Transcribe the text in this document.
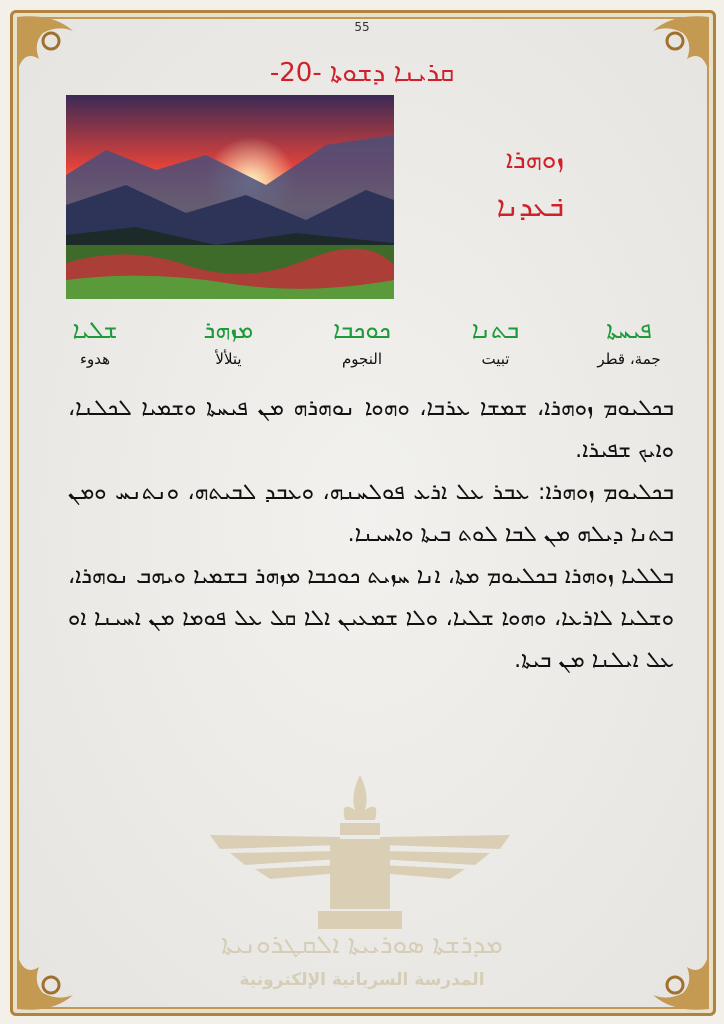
55
ܩܪܝܢܐ ܕܫܘܬܐ -20-
ܙܘܗܪܐ
ܒ݁ܥܕܢܐ
ܦܝܚܬܐ
جمة، قطر
ܒܬܢܐ
تبيت
ܟܘܟܒܐ
النجوم
ܡܙܗܪ
يتلألأ
ܫܠܝܐ
هدوء

ܒܟܠܝܘܡ ܙܘܗܪܐ، ܫܡܫܐ ܥܪܒܐ، ܘܗܘܐ ܢܘܗܪܗ ܡܢ ܦܝܚܬܐ ܘܫܡܝܐ ܠܟܠܢܐ، ܘܐܝܟ ܫܦܝܪܐ.

ܒܟܠܝܘܡ ܙܘܗܪܐ: ܥܒܪ ܥܠ ܐܪܥ ܦܘܠܚܢܗ، ܘܥܒܕ ܠܒܝܬܗ، ܘܢܬܢܚ ܘܡܢ ܒܬܢܐ ܕܝܠܗ ܡܢ ܠܒܐ ܠܘܬ ܒܝܬܐ ܘܐܚܝܢܐ.

ܒܠܠܝܐ ܙܘܗܪܐ ܒܟܠܝܘܡ ܡܬܐ، ܐܢܐ ܚܙܝܬ ܟܘܟܒܐ ܡܙܗܪ ܒܫܡܝܐ ܘܝܗܒ ܢܘܗܪܐ، ܘܫܠܝܐ ܠܐܪܥܐ، ܘܗܘܐ ܫܠܝܐ، ܘܠܐ ܫܡܥܝܢ ܐܠܐ ܩܠ ܥܠ ܦܘܡܐ ܡܢ ܐܚܝܢܐ ܐܘ ܥܠ ܐܝܠܢܐ ܡܢ ܒܝܬܐ.

ܡܕܪܫܬܐ ܣܘܪܝܝܬܐ ܐܠܩܛܪܘܢܝܬܐ
المدرسة السريانية الإلكترونية
